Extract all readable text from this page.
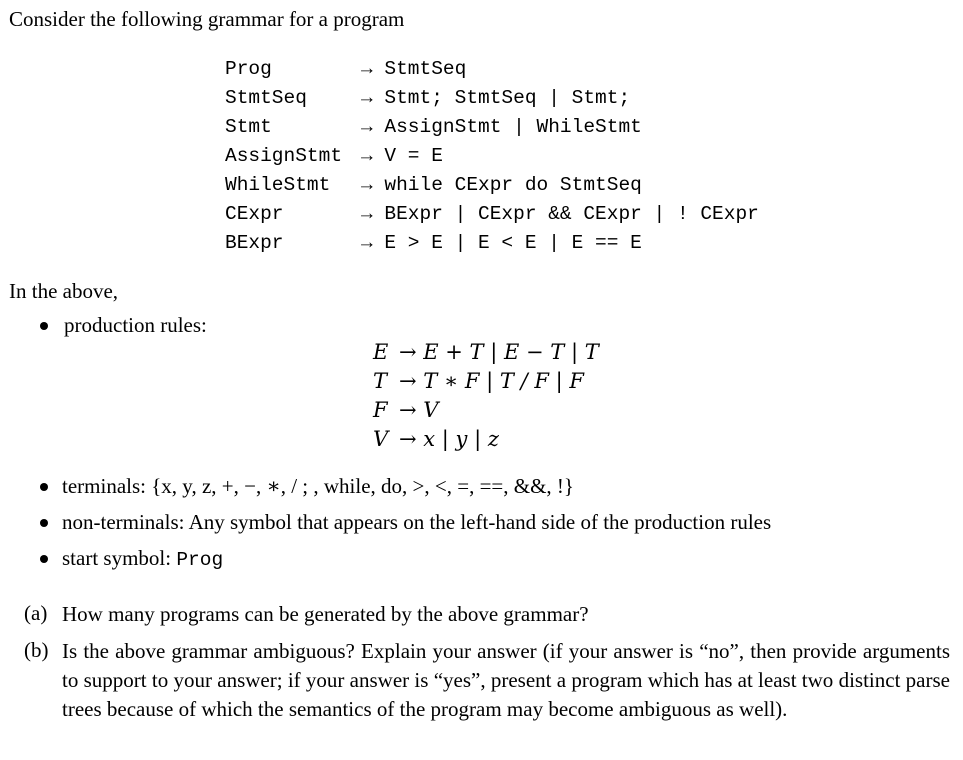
Consider the following grammar for a program
Prog	→ StmtSeq
StmtSeq	→ Stmt; StmtSeq | Stmt;
Stmt	→ AssignStmt | WhileStmt
AssignStmt → V = E
WhileStmt → while CExpr do StmtSeq
CExpr	→ BExpr | CExpr && CExpr | ! CExpr
BExpr	→ E > E | E < E | E == E
In the above,
production rules:
E → E + T | E − T | T
T → T ∗ F | T / F | F
F → V
V → x | y | z
terminals: {x, y, z, +, −, ∗, / ; , while, do, >, <, =, ==, &&, !}
non-terminals: Any symbol that appears on the left-hand side of the production rules
start symbol: Prog
(a) How many programs can be generated by the above grammar?
(b) Is the above grammar ambiguous? Explain your answer (if your answer is “no”, then provide arguments to support to your answer; if your answer is “yes”, present a program which has at least two distinct parse trees because of which the semantics of the program may become ambiguous as well).
